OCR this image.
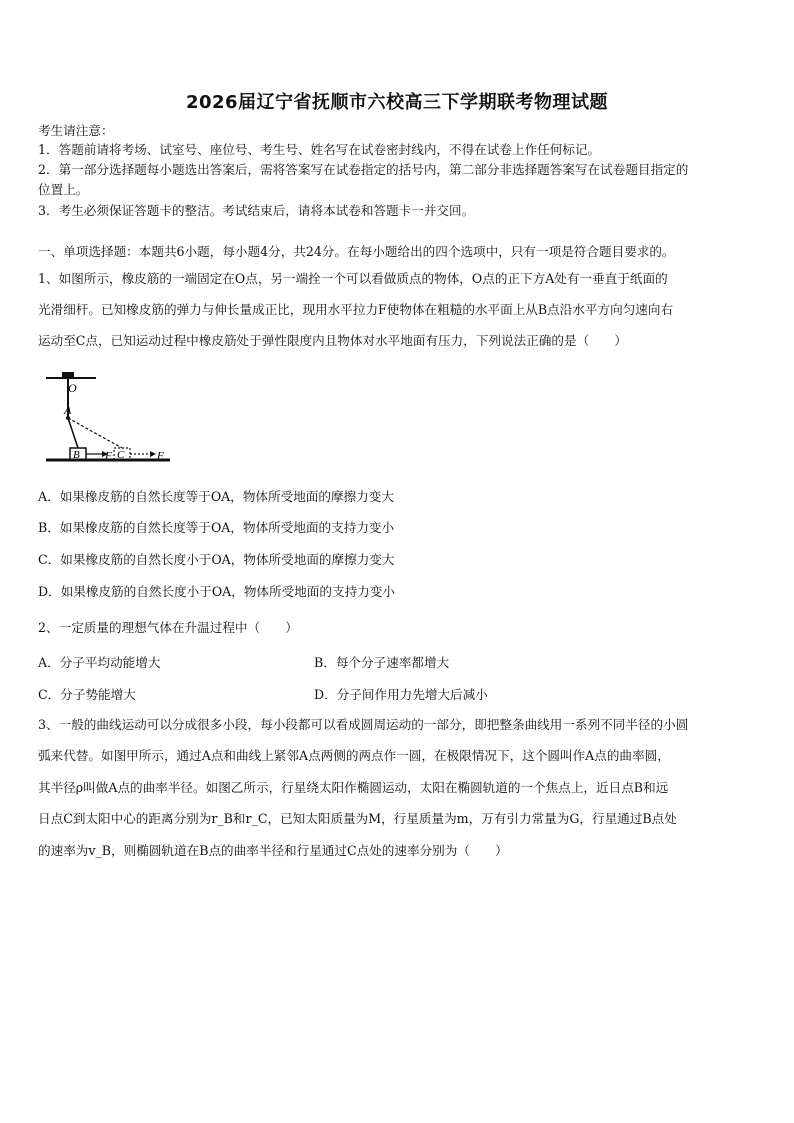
2026届辽宁省抚顺市六校高三下学期联考物理试题
考生请注意：
1．答题前请将考场、试室号、座位号、考生号、姓名写在试卷密封线内，不得在试卷上作任何标记。
2．第一部分选择题每小题选出答案后，需将答案写在试卷指定的括号内，第二部分非选择题答案写在试卷题目指定的
位置上。
3．考生必须保证答题卡的整洁。考试结束后，请将本试卷和答题卡一并交回。
一、单项选择题：本题共6小题，每小题4分，共24分。在每小题给出的四个选项中，只有一项是符合题目要求的。
1、如图所示，橡皮筋的一端固定在O点，另一端拴一个可以看做质点的物体，O点的正下方A处有一垂直于纸面的
光滑细杆。已知橡皮筋的弹力与伸长量成正比，现用水平拉力F使物体在粗糙的水平面上从B点沿水平方向匀速向右
运动至C点，已知运动过程中橡皮筋处于弹性限度内且物体对水平地面有压力，下列说法正确的是（　　）
O
A
B	C
F	F
A．如果橡皮筋的自然长度等于OA，物体所受地面的摩擦力变大
B．如果橡皮筋的自然长度等于OA，物体所受地面的支持力变小
C．如果橡皮筋的自然长度小于OA，物体所受地面的摩擦力变大
D．如果橡皮筋的自然长度小于OA，物体所受地面的支持力变小
2、一定质量的理想气体在升温过程中（　　）
A．分子平均动能增大	B．每个分子速率都增大
C．分子势能增大	D．分子间作用力先增大后减小
3、一般的曲线运动可以分成很多小段，每小段都可以看成圆周运动的一部分，即把整条曲线用一系列不同半径的小圆
弧来代替。如图甲所示，通过A点和曲线上紧邻A点两侧的两点作一圆，在极限情况下，这个圆叫作A点的曲率圆，
其半径ρ叫做A点的曲率半径。如图乙所示，行星绕太阳作椭圆运动，太阳在椭圆轨道的一个焦点上，近日点B和远
日点C到太阳中心的距离分别为r_B和r_C，已知太阳质量为M，行星质量为m，万有引力常量为G，行星通过B点处
的速率为v_B，则椭圆轨道在B点的曲率半径和行星通过C点处的速率分别为（　　）
